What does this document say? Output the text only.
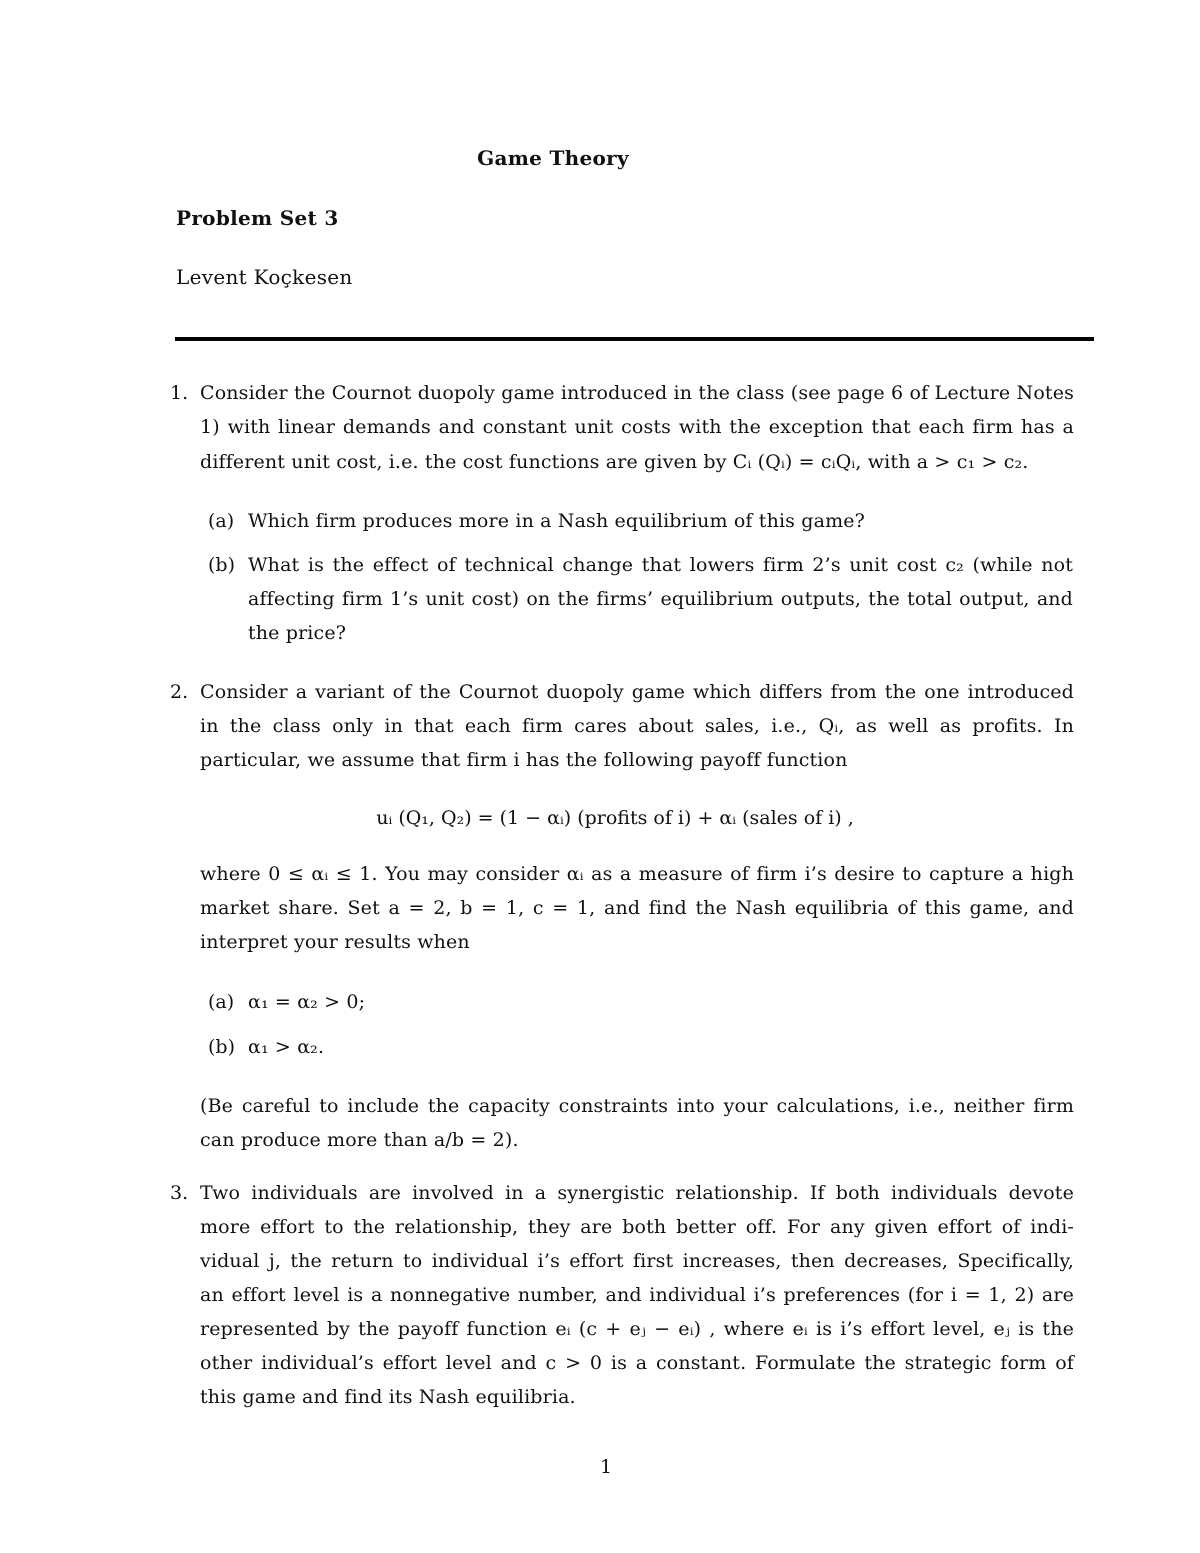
Game Theory
Problem Set 3
Levent Koçkesen
1. Consider the Cournot duopoly game introduced in the class (see page 6 of Lecture Notes
1) with linear demands and constant unit costs with the exception that each firm has a
different unit cost, i.e. the cost functions are given by Cᵢ (Qᵢ) = cᵢQᵢ, with a > c₁ > c₂.
(a) Which firm produces more in a Nash equilibrium of this game?
(b) What is the effect of technical change that lowers firm 2’s unit cost c₂ (while not
affecting firm 1’s unit cost) on the firms’ equilibrium outputs, the total output, and
the price?
2. Consider a variant of the Cournot duopoly game which differs from the one introduced
in the class only in that each firm cares about sales, i.e., Qᵢ, as well as profits. In
particular, we assume that firm i has the following payoff function
uᵢ (Q₁, Q₂) = (1 − αᵢ) (profits of i) + αᵢ (sales of i) ,
where 0 ≤ αᵢ ≤ 1. You may consider αᵢ as a measure of firm i’s desire to capture a high
market share. Set a = 2, b = 1, c = 1, and find the Nash equilibria of this game, and
interpret your results when
(a) α₁ = α₂ > 0;
(b) α₁ > α₂.
(Be careful to include the capacity constraints into your calculations, i.e., neither firm
can produce more than a/b = 2).
3. Two individuals are involved in a synergistic relationship. If both individuals devote
more effort to the relationship, they are both better off. For any given effort of indi-
vidual j, the return to individual i’s effort first increases, then decreases, Specifically,
an effort level is a nonnegative number, and individual i’s preferences (for i = 1, 2) are
represented by the payoff function eᵢ (c + eⱼ − eᵢ) , where eᵢ is i’s effort level, eⱼ is the
other individual’s effort level and c > 0 is a constant. Formulate the strategic form of
this game and find its Nash equilibria.
1
